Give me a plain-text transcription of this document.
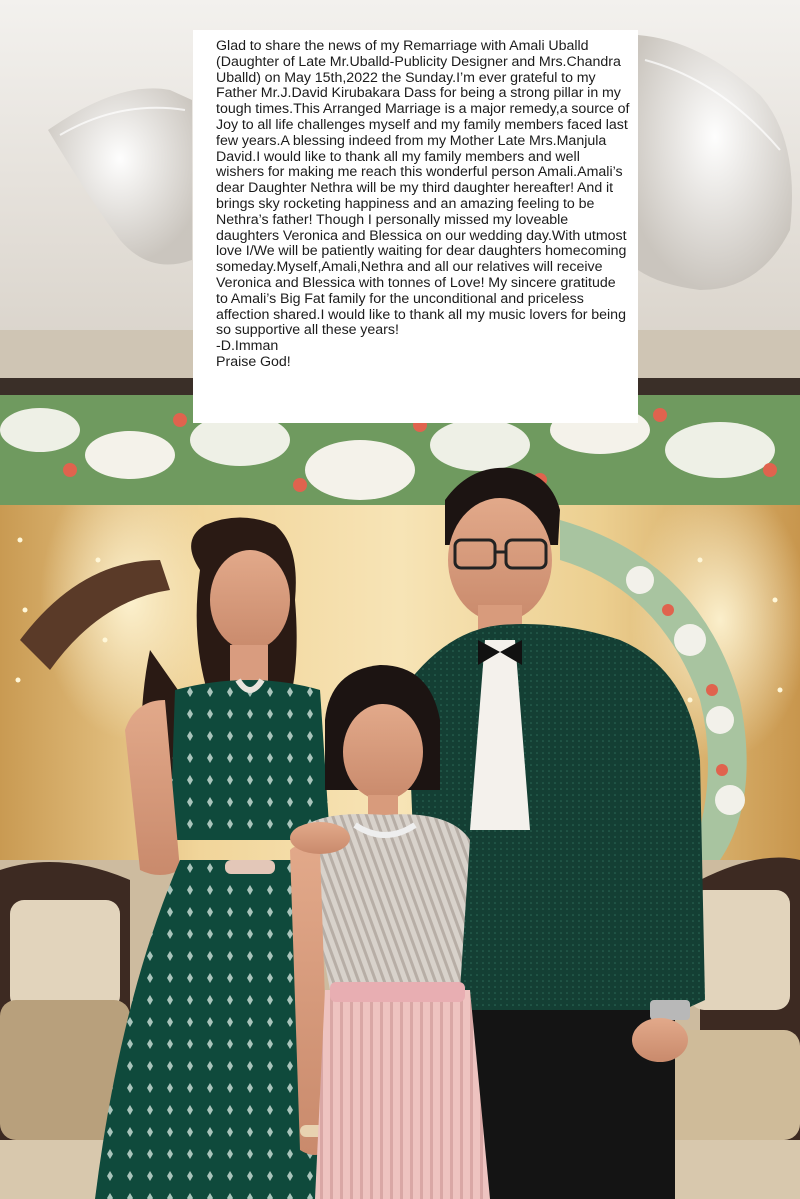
Glad to share the news of my Remarriage with Amali Uballd (Daughter of Late Mr.Uballd-Publicity Designer and Mrs.Chandra Uballd) on May 15th,2022 the Sunday.I’m ever grateful to my Father Mr.J.David Kirubakara Dass for being a strong pillar in my tough times.This Arranged Marriage is a major remedy,a source of Joy to all life challenges myself and my family members faced last few years.A blessing indeed from my Mother Late Mrs.Manjula David.I would like to thank all my family members and well wishers for making me reach this wonderful person Amali.Amali’s dear Daughter Nethra will be my third daughter hereafter! And it brings sky rocketing happiness and an amazing feeling to be Nethra’s father! Though I personally missed my loveable daughters Veronica and Blessica on our wedding day.With utmost love I/We will be patiently waiting for dear daughters homecoming someday.Myself,Amali,Nethra and all our relatives will receive Veronica and Blessica with tonnes of Love! My sincere gratitude to Amali’s Big Fat family for the unconditional and priceless affection shared.I would like to thank all my music lovers for being so supportive all these years!
-D.Imman
Praise God!
